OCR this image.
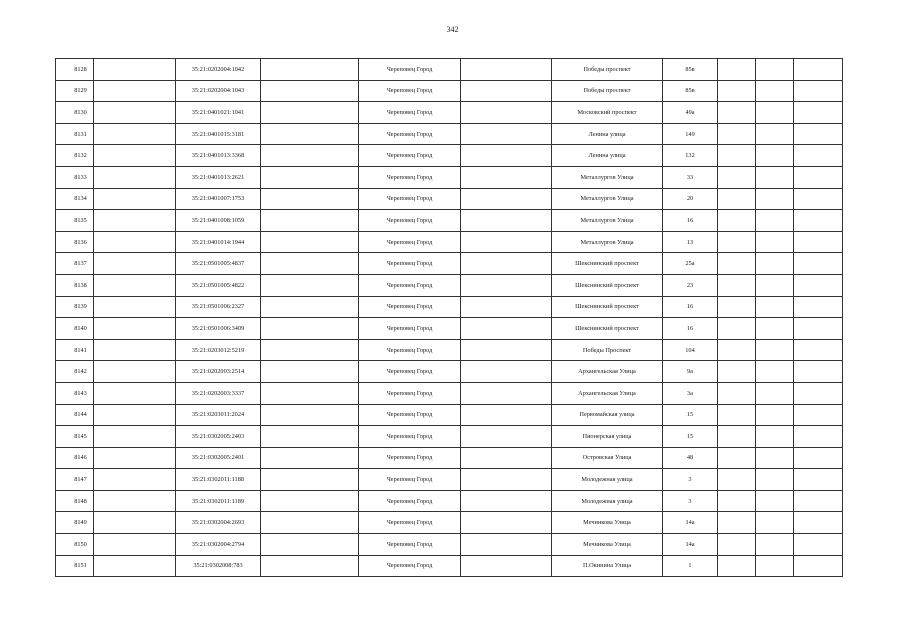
342
8128		35:21:0202004:1042		Череповец Город		Победы проспект	85в			
8129		35:21:0202004:1043		Череповец Город		Победы проспект	85в			
8130		35:21:0401021:1041		Череповец Город		Московский проспект	49а			
8131		35:21:0401015:3181		Череповец Город		Ленина улица	149			
8132		35:21:0401013:3368		Череповец Город		Ленина улица	132			
8133		35:21:0401013:2621		Череповец Город		Металлургов Улица	33			
8134		35:21:0401007:1753		Череповец Город		Металлургов Улица	20			
8135		35:21:0401008:1059		Череповец Город		Металлургов Улица	16			
8136		35:21:0401014:1944		Череповец Город		Металлургов Улица	13			
8137		35:21:0501005:4837		Череповец Город		Шекснинский проспект	25а			
8138		35:21:0501005:4822		Череповец Город		Шекснинский проспект	23			
8139		35:21:0501006:2327		Череповец Город		Шекснинский проспект	16			
8140		35:21:0501006:3409		Череповец Город		Шекснинский проспект	16			
8141		35:21:0203012:5219		Череповец Город		Победы Проспект	104			
8142		35:21:0202003:2514		Череповец Город		Архангельская Улица	9а			
8143		35:21:0202003:3337		Череповец Город		Архангельская Улица	3а			
8144		35:21:0203011:2024		Череповец Город		Первомайская улица	15			
8145		35:21:0302005:2403		Череповец Город		Пионерская улица	15			
8146		35:21:0302005:2401		Череповец Город		Островская Улица	48			
8147		35:21:0302011:1188		Череповец Город		Молодежная улица	3			
8148		35:21:0302011:1189		Череповец Город		Молодежная улица	3			
8149		35:21:0302004:2693		Череповец Город		Мечникова Улица	14а			
8150		35:21:0302004:2794		Череповец Город		Мечникова Улица	14а			
8151		35:21:0302008:783		Череповец Город		П.Окинина Улица	1			
